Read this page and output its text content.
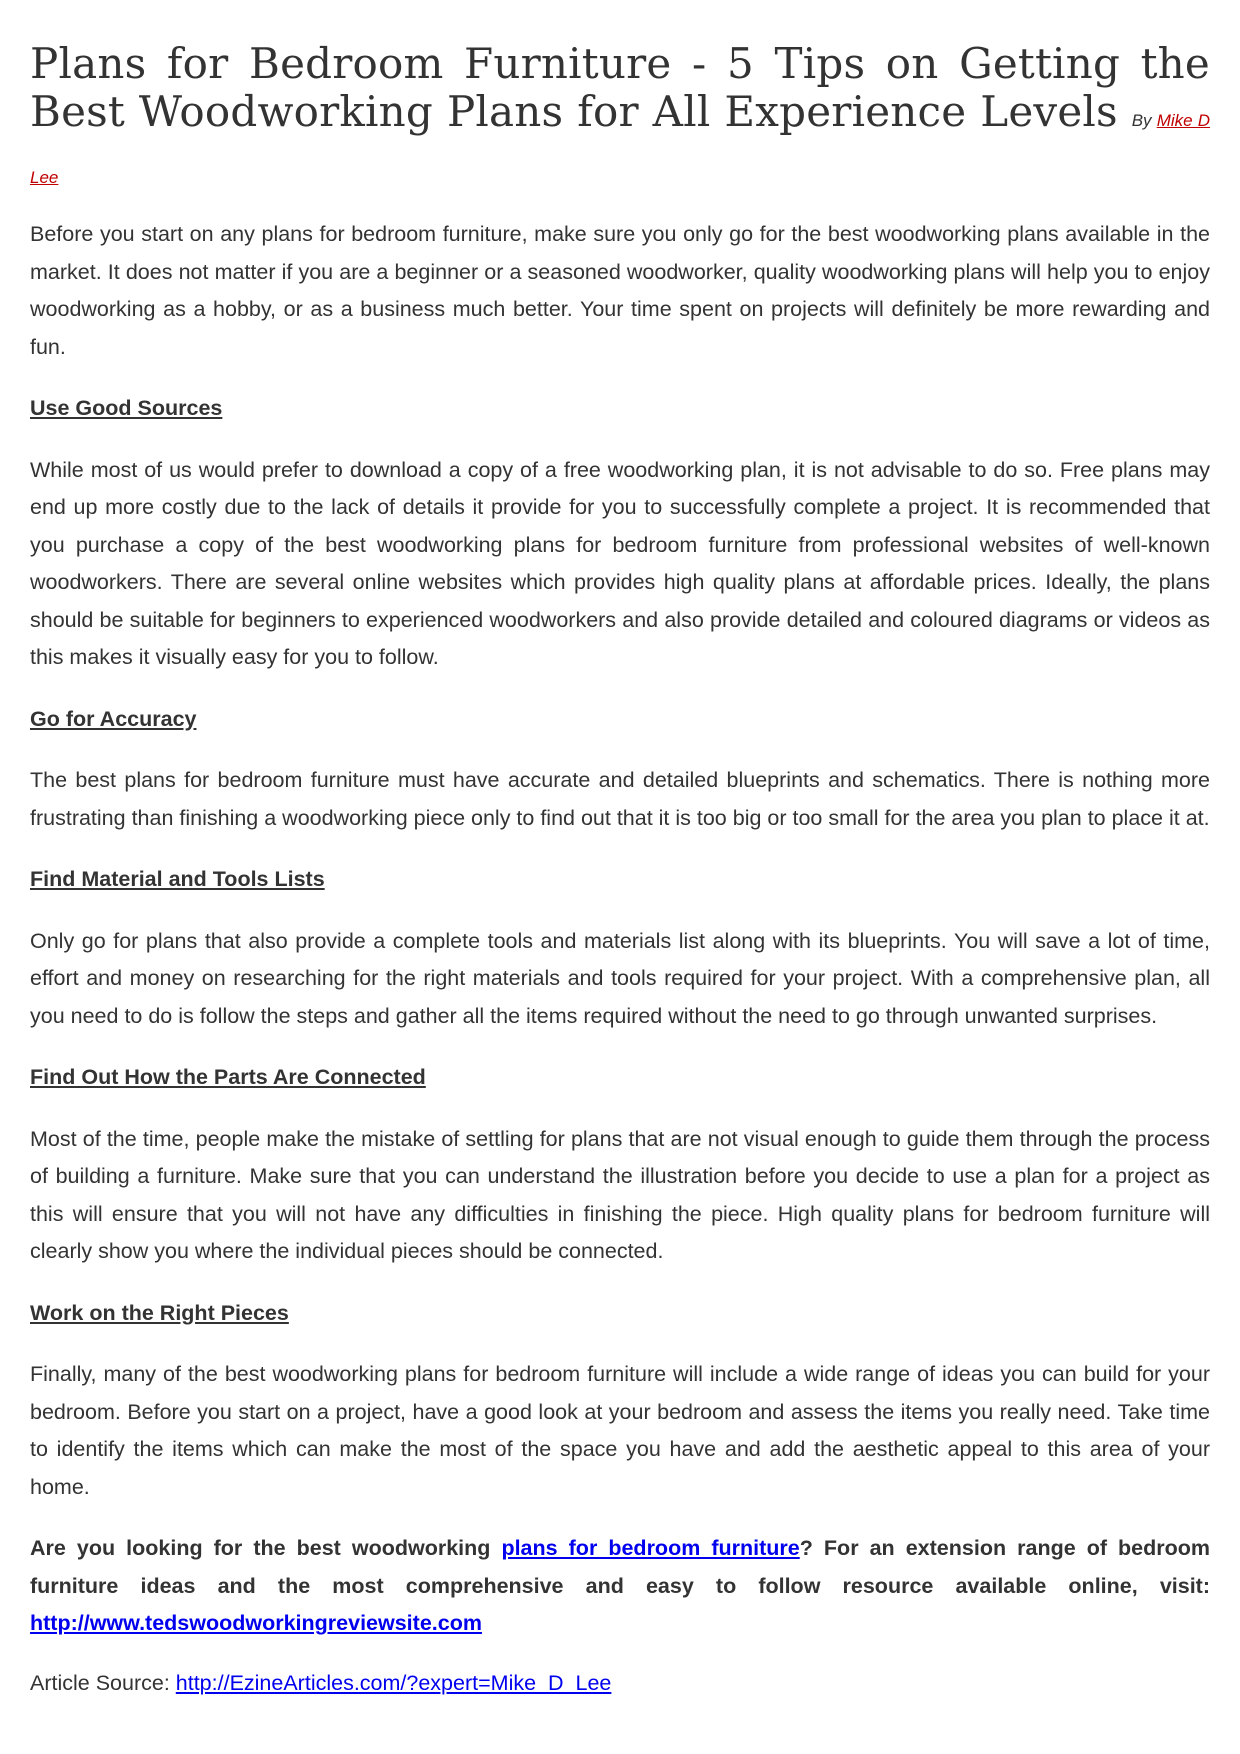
Plans for Bedroom Furniture - 5 Tips on Getting the Best Woodworking Plans for All Experience Levels By Mike D Lee

Before you start on any plans for bedroom furniture, make sure you only go for the best woodworking plans available in the market. It does not matter if you are a beginner or a seasoned woodworker, quality woodworking plans will help you to enjoy woodworking as a hobby, or as a business much better. Your time spent on projects will definitely be more rewarding and fun.

Use Good Sources

While most of us would prefer to download a copy of a free woodworking plan, it is not advisable to do so. Free plans may end up more costly due to the lack of details it provide for you to successfully complete a project. It is recommended that you purchase a copy of the best woodworking plans for bedroom furniture from professional websites of well-known woodworkers. There are several online websites which provides high quality plans at affordable prices. Ideally, the plans should be suitable for beginners to experienced woodworkers and also provide detailed and coloured diagrams or videos as this makes it visually easy for you to follow.

Go for Accuracy

The best plans for bedroom furniture must have accurate and detailed blueprints and schematics. There is nothing more frustrating than finishing a woodworking piece only to find out that it is too big or too small for the area you plan to place it at.

Find Material and Tools Lists

Only go for plans that also provide a complete tools and materials list along with its blueprints. You will save a lot of time, effort and money on researching for the right materials and tools required for your project. With a comprehensive plan, all you need to do is follow the steps and gather all the items required without the need to go through unwanted surprises.

Find Out How the Parts Are Connected

Most of the time, people make the mistake of settling for plans that are not visual enough to guide them through the process of building a furniture. Make sure that you can understand the illustration before you decide to use a plan for a project as this will ensure that you will not have any difficulties in finishing the piece. High quality plans for bedroom furniture will clearly show you where the individual pieces should be connected.

Work on the Right Pieces

Finally, many of the best woodworking plans for bedroom furniture will include a wide range of ideas you can build for your bedroom. Before you start on a project, have a good look at your bedroom and assess the items you really need. Take time to identify the items which can make the most of the space you have and add the aesthetic appeal to this area of your home.

Are you looking for the best woodworking plans for bedroom furniture? For an extension range of bedroom furniture ideas and the most comprehensive and easy to follow resource available online, visit: http://www.tedswoodworkingreviewsite.com

Article Source: http://EzineArticles.com/?expert=Mike_D_Lee
